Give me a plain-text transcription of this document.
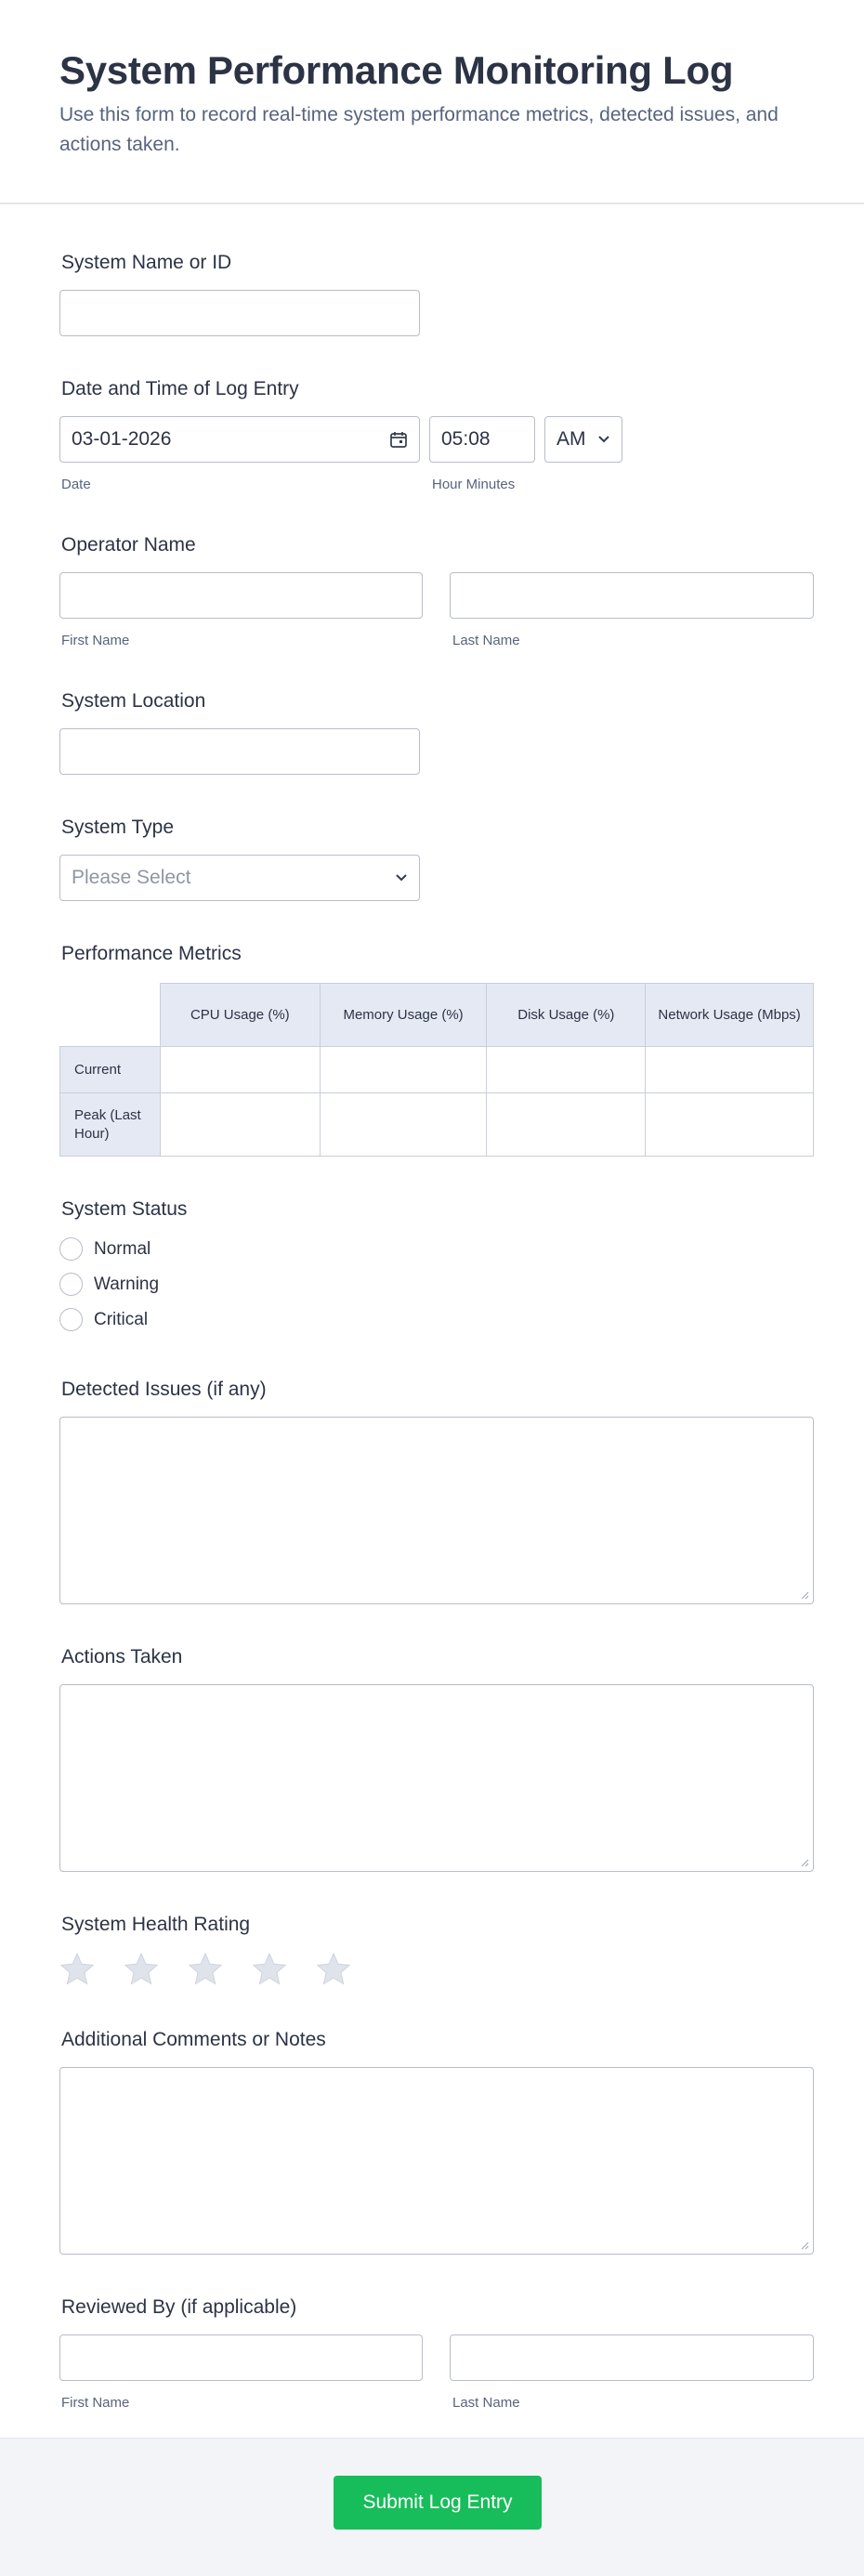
System Performance Monitoring Log
Use this form to record real-time system performance metrics, detected issues, and actions taken.
System Name or ID
Date and Time of Log Entry
03-01-2026
Date
05:08
Hour Minutes
AM
Operator Name
First Name	Last Name
System Location
System Type
Please Select
Performance Metrics
	CPU Usage (%)	Memory Usage (%)	Disk Usage (%)	Network Usage (Mbps)
Current				
Peak (Last Hour)				
System Status
Normal
Warning
Critical
Detected Issues (if any)
Actions Taken
System Health Rating
Additional Comments or Notes
Reviewed By (if applicable)
First Name	Last Name
Submit Log Entry
